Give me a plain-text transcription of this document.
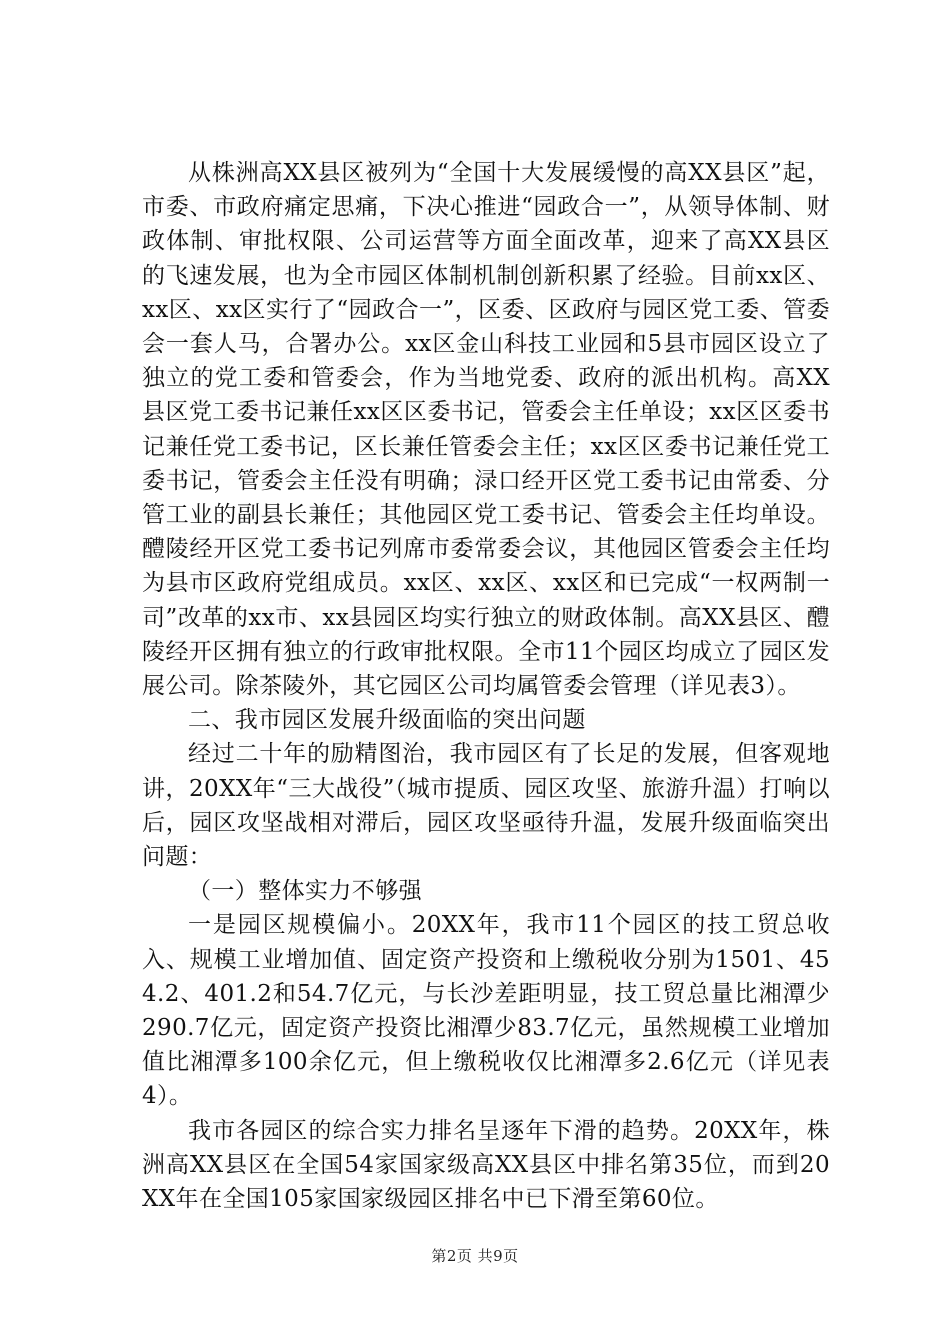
从株洲高XX县区被列为“全国十大发展缓慢的高XX县区”起，市委、市政府痛定思痛，下决心推进“园政合一”，从领导体制、财政体制、审批权限、公司运营等方面全面改革，迎来了高XX县区的飞速发展，也为全市园区体制机制创新积累了经验。目前xx区、xx区、xx区实行了“园政合一”，区委、区政府与园区党工委、管委会一套人马，合署办公。xx区金山科技工业园和5县市园区设立了独立的党工委和管委会，作为当地党委、政府的派出机构。高XX县区党工委书记兼任xx区区委书记，管委会主任单设；xx区区委书记兼任党工委书记，区长兼任管委会主任；xx区区委书记兼任党工委书记，管委会主任没有明确；渌口经开区党工委书记由常委、分管工业的副县长兼任；其他园区党工委书记、管委会主任均单设。醴陵经开区党工委书记列席市委常委会议，其他园区管委会主任均为县市区政府党组成员。xx区、xx区、xx区和已完成“一权两制一司”改革的xx市、xx县园区均实行独立的财政体制。高XX县区、醴陵经开区拥有独立的行政审批权限。全市11个园区均成立了园区发展公司。除茶陵外，其它园区公司均属管委会管理（详见表3）。

二、我市园区发展升级面临的突出问题

经过二十年的励精图治，我市园区有了长足的发展，但客观地讲，20XX年“三大战役”（城市提质、园区攻坚、旅游升温）打响以后，园区攻坚战相对滞后，园区攻坚亟待升温，发展升级面临突出问题：

（一）整体实力不够强

一是园区规模偏小。20XX年，我市11个园区的技工贸总收入、规模工业增加值、固定资产投资和上缴税收分别为1501、454.2、401.2和54.7亿元，与长沙差距明显，技工贸总量比湘潭少290.7亿元，固定资产投资比湘潭少83.7亿元，虽然规模工业增加值比湘潭多100余亿元，但上缴税收仅比湘潭多2.6亿元（详见表4）。

我市各园区的综合实力排名呈逐年下滑的趋势。20XX年，株洲高XX县区在全国54家国家级高XX县区中排名第35位，而到20XX年在全国105家国家级园区排名中已下滑至第60位。

第2页 共9页
